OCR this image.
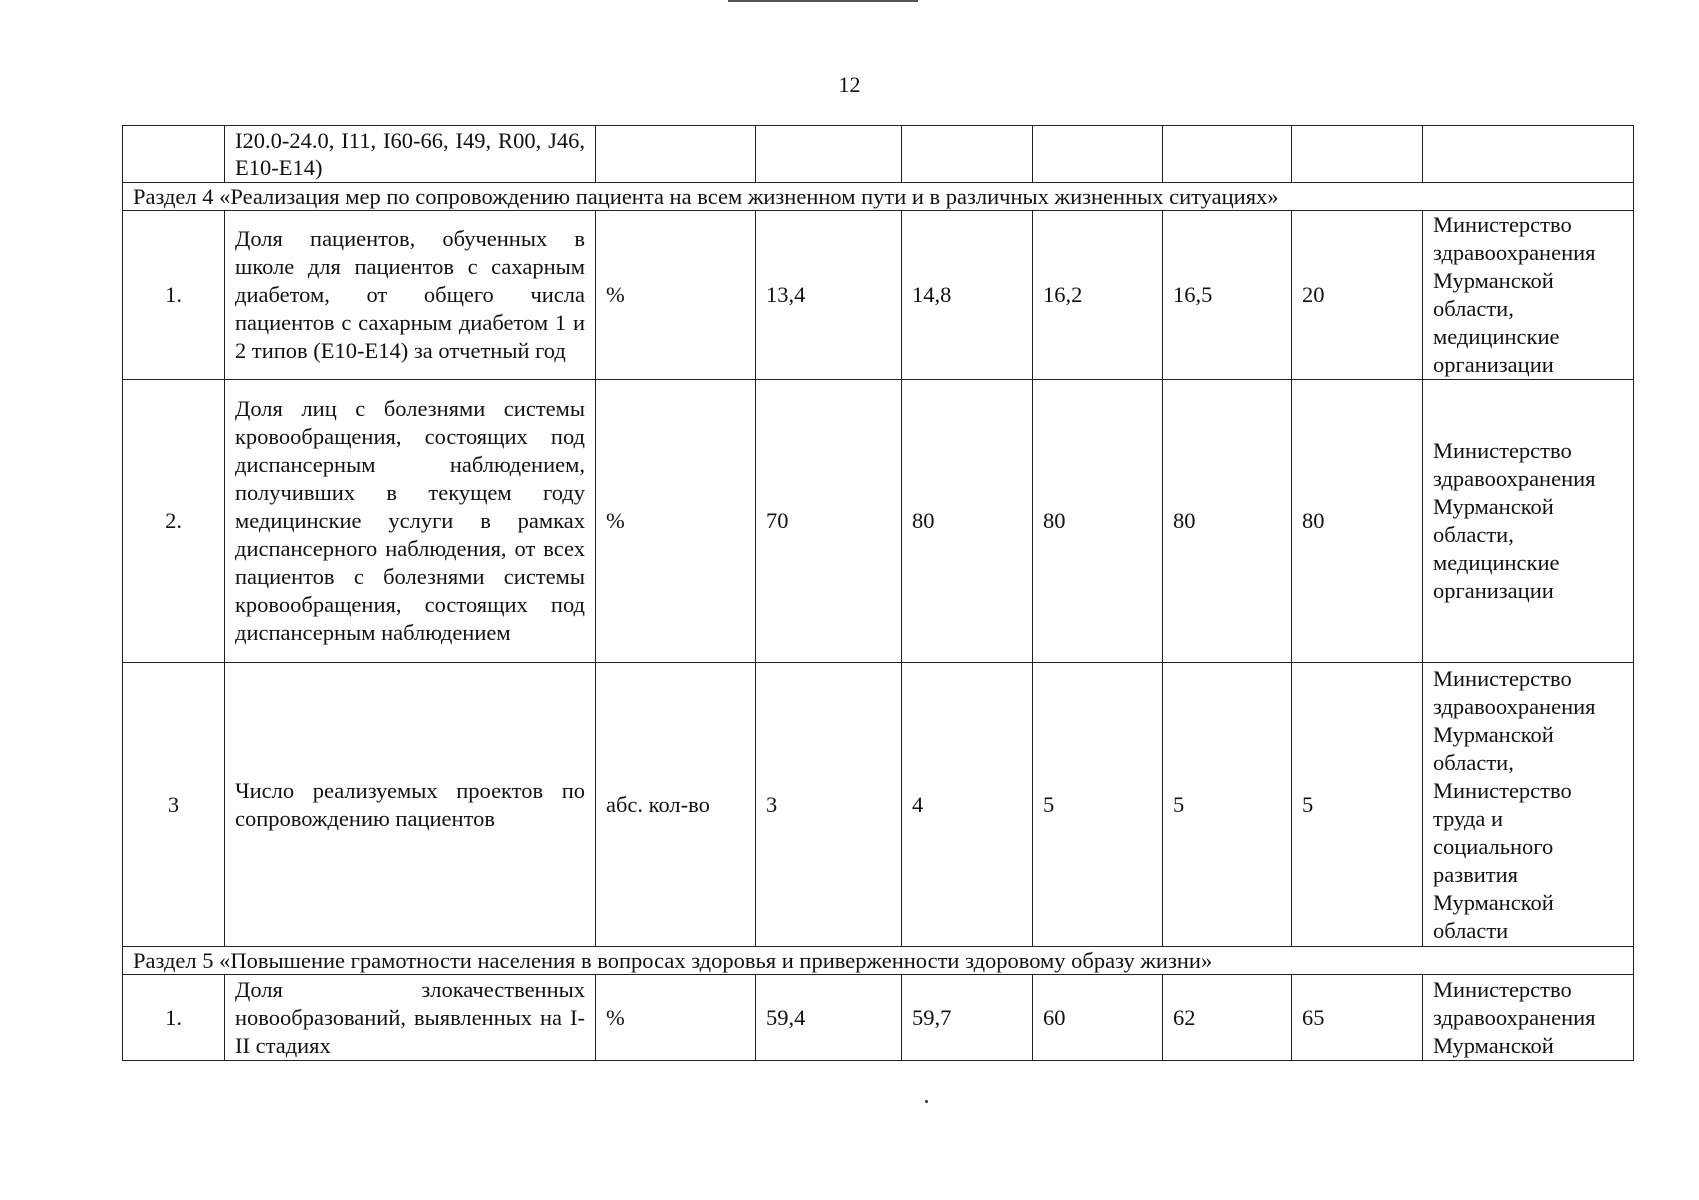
12
	I20.0-24.0, I11, I60-66, I49, R00, J46, E10-E14)							
Раздел 4 «Реализация мер по сопровождению пациента на всем жизненном пути и в различных жизненных ситуациях»								
1.	Доля пациентов, обученных в школе для пациентов с сахарным диабетом, от общего числа пациентов с сахарным диабетом 1 и 2 типов (Е10-Е14) за отчетный год	%	13,4	14,8	16,2	16,5	20	Министерство здравоохранения Мурманской области, медицинские организации
2.	Доля лиц с болезнями системы кровообращения, состоящих под диспансерным наблюдением, получивших в текущем году медицинские услуги в рамках диспансерного наблюдения, от всех пациентов с болезнями системы кровообращения, состоящих под диспансерным наблюдением	%	70	80	80	80	80	Министерство здравоохранения Мурманской области, медицинские организации
3	Число реализуемых проектов по сопровождению пациентов	абс. кол-во	3	4	5	5	5	Министерство здравоохранения Мурманской области, Министерство труда и социального развития Мурманской области
Раздел 5 «Повышение грамотности населения в вопросах здоровья и приверженности здоровому образу жизни»								
1.	Доля злокачественных новообразований, выявленных на I-II стадиях	%	59,4	59,7	60	62	65	Министерство здравоохранения Мурманской
